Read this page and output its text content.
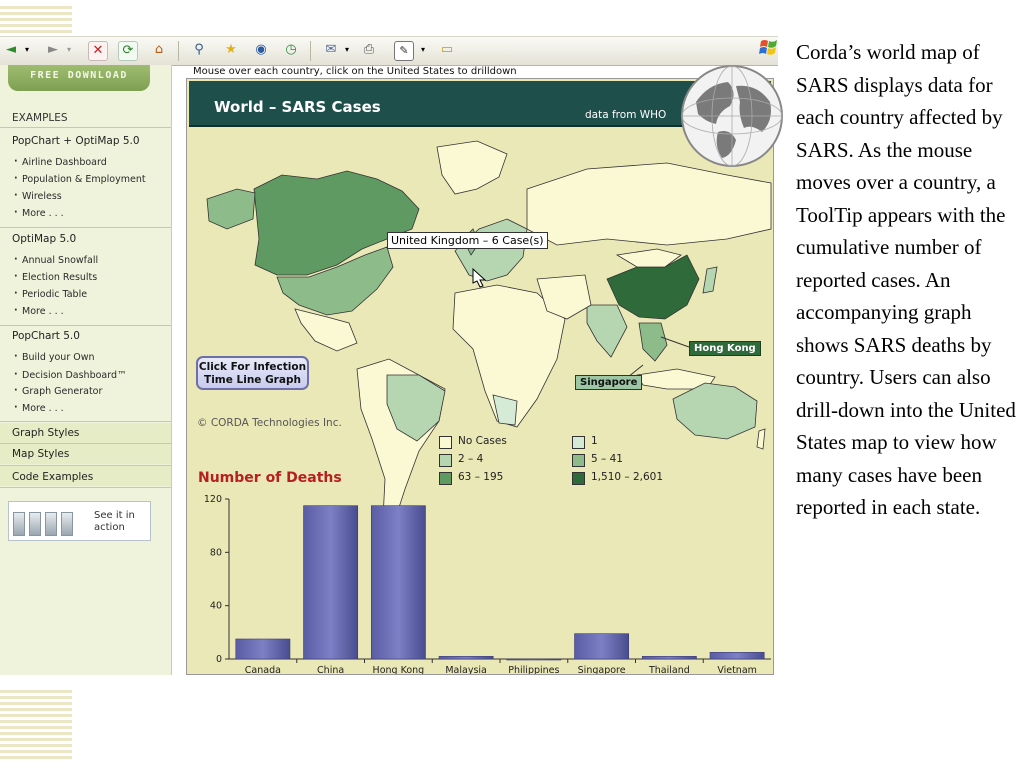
◄	▾	►	▾	✕	⟳	⌂	⚲	★ ◉ ◷ ✉	▾ ⎙	✎	▾ ▭
FREE DOWNLOAD
EXAMPLES
PopChart + OptiMap 5.0
· Airline Dashboard
· Population & Employment
· Wireless
· More . . .
OptiMap 5.0
· Annual Snowfall
· Election Results
· Periodic Table
· More . . .
PopChart 5.0
· Build your Own
· Decision Dashboard™
· Graph Generator
· More . . .
Graph Styles
Map Styles
Code Examples
See it in action
Mouse over each country, click on the United States to drilldown
World – SARS Cases	data from WHO
0
40
80
120
Canada	China	Hong Kong Malaysia Philippines Singapore Thailand	Vietnam
United Kingdom – 6 Case(s)
Hong Kong
Singapore
Click For Infection Time Line Graph
© CORDA Technologies Inc.
No Cases	1
2 – 4	5 – 41
63 – 195	1,510 – 2,601
Number of Deaths
Corda’s world map of SARS displays data for each country affected by SARS. As the mouse moves over a country, a ToolTip appears with the cumulative number of reported cases. An accompanying graph shows SARS deaths by country. Users can also drill-down into the United States map to view how many cases have been reported in each state.
